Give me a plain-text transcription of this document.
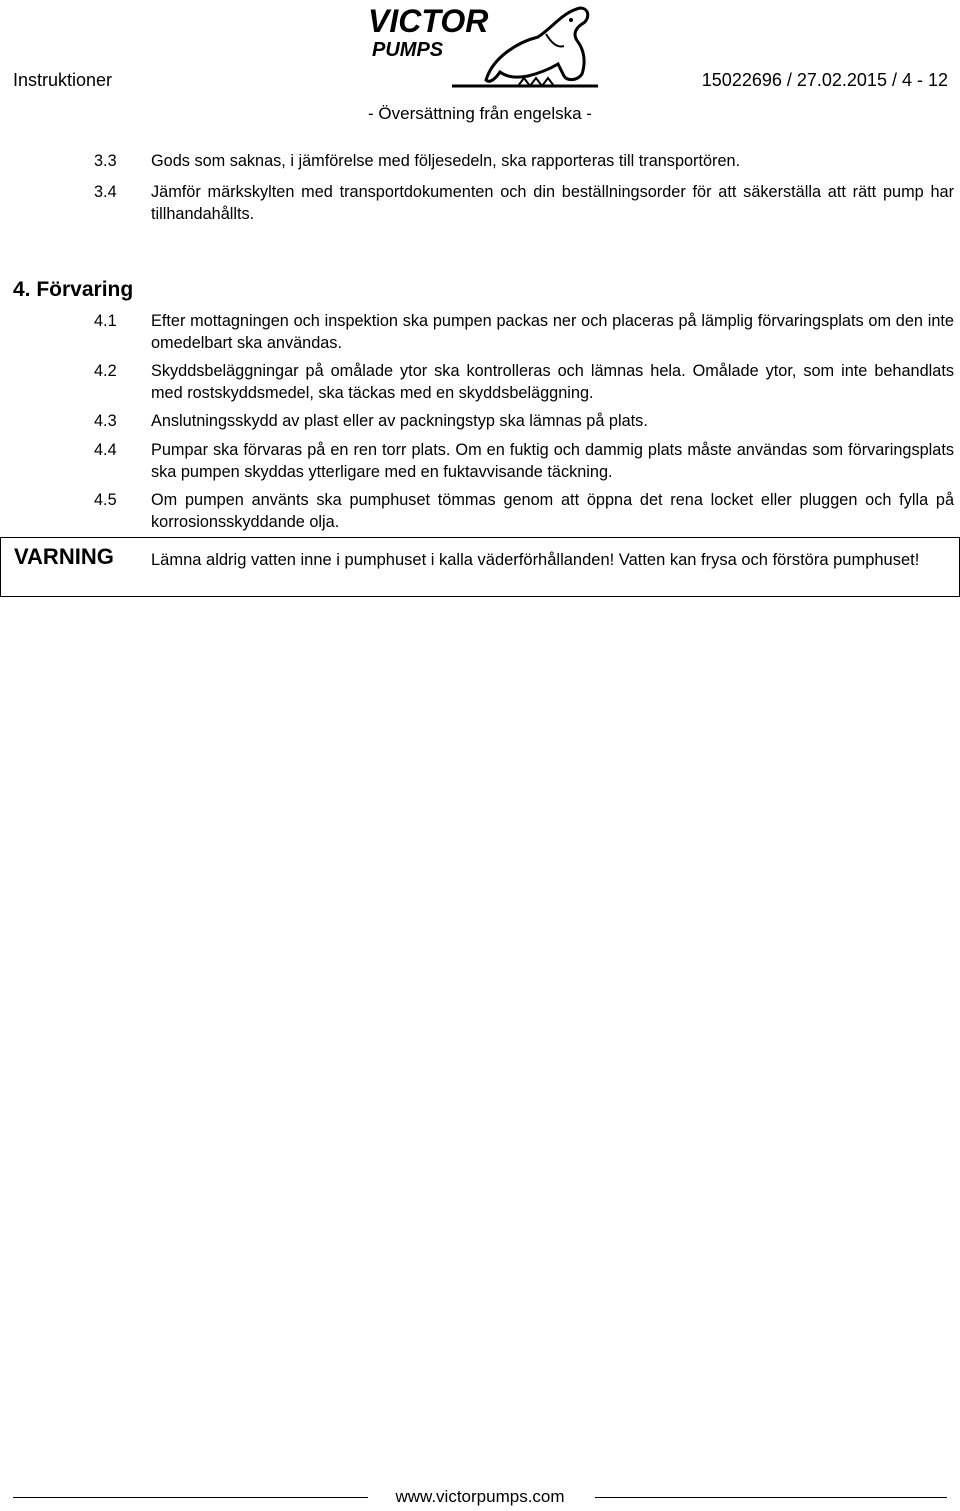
Instruktioner
VICTOR
PUMPS
15022696 / 27.02.2015 / 4 - 12
- Översättning från engelska -
3.3	Gods som saknas, i jämförelse med följesedeln, ska rapporteras till transportören.
3.4	Jämför märkskylten med transportdokumenten och din beställningsorder för att säkerställa att rätt pump har tillhandahållts.
4. Förvaring
4.1	Efter mottagningen och inspektion ska pumpen packas ner och placeras på lämplig förvaringsplats om den inte omedelbart ska användas.
4.2	Skyddsbeläggningar på omålade ytor ska kontrolleras och lämnas hela. Omålade ytor, som inte behandlats med rostskyddsmedel, ska täckas med en skyddsbeläggning.
4.3	Anslutningsskydd av plast eller av packningstyp ska lämnas på plats.
4.4	Pumpar ska förvaras på en ren torr plats. Om en fuktig och dammig plats måste användas som förvaringsplats ska pumpen skyddas ytterligare med en fuktavvisande täckning.
4.5	Om pumpen använts ska pumphuset tömmas genom att öppna det rena locket eller pluggen och fylla på korrosionsskyddande olja.
VARNING Lämna aldrig vatten inne i pumphuset i kalla väderförhållanden! Vatten kan frysa och förstöra pumphuset!
www.victorpumps.com
